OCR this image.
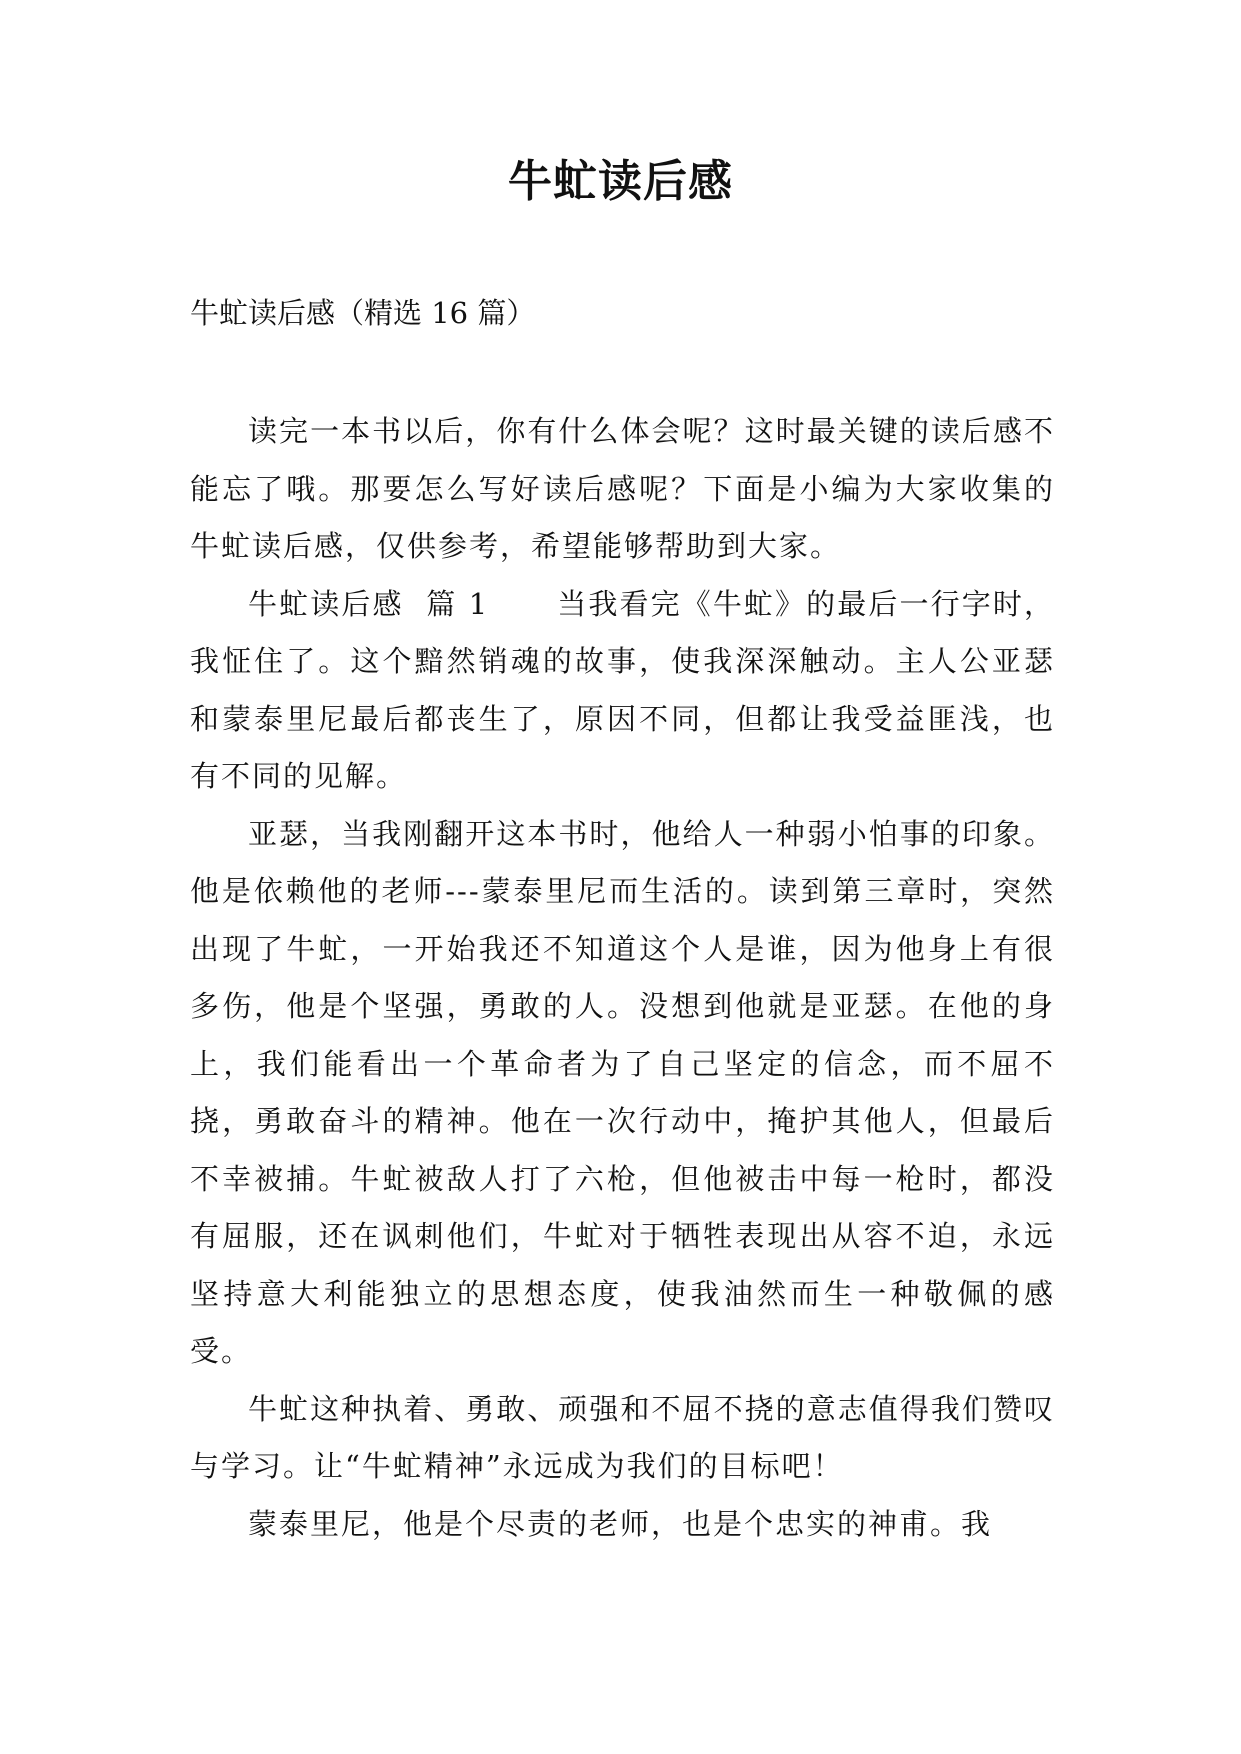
牛虻读后感
牛虻读后感（精选 16 篇）

读完一本书以后，你有什么体会呢？这时最关键的读后感不能忘了哦。那要怎么写好读后感呢？下面是小编为大家收集的牛虻读后感，仅供参考，希望能够帮助到大家。

牛虻读后感  篇 1 当我看完《牛虻》的最后一行字时，我怔住了。这个黯然销魂的故事，使我深深触动。主人公亚瑟和蒙泰里尼最后都丧生了，原因不同，但都让我受益匪浅，也有不同的见解。

亚瑟，当我刚翻开这本书时，他给人一种弱小怕事的印象。他是依赖他的老师---蒙泰里尼而生活的。读到第三章时，突然出现了牛虻，一开始我还不知道这个人是谁，因为他身上有很多伤，他是个坚强，勇敢的人。没想到他就是亚瑟。在他的身上，我们能看出一个革命者为了自己坚定的信念，而不屈不挠，勇敢奋斗的精神。他在一次行动中，掩护其他人，但最后不幸被捕。牛虻被敌人打了六枪，但他被击中每一枪时，都没有屈服，还在讽刺他们，牛虻对于牺牲表现出从容不迫，永远坚持意大利能独立的思想态度，使我油然而生一种敬佩的感受。

牛虻这种执着、勇敢、顽强和不屈不挠的意志值得我们赞叹与学习。让“牛虻精神”永远成为我们的目标吧！

蒙泰里尼，他是个尽责的老师，也是个忠实的神甫。我
